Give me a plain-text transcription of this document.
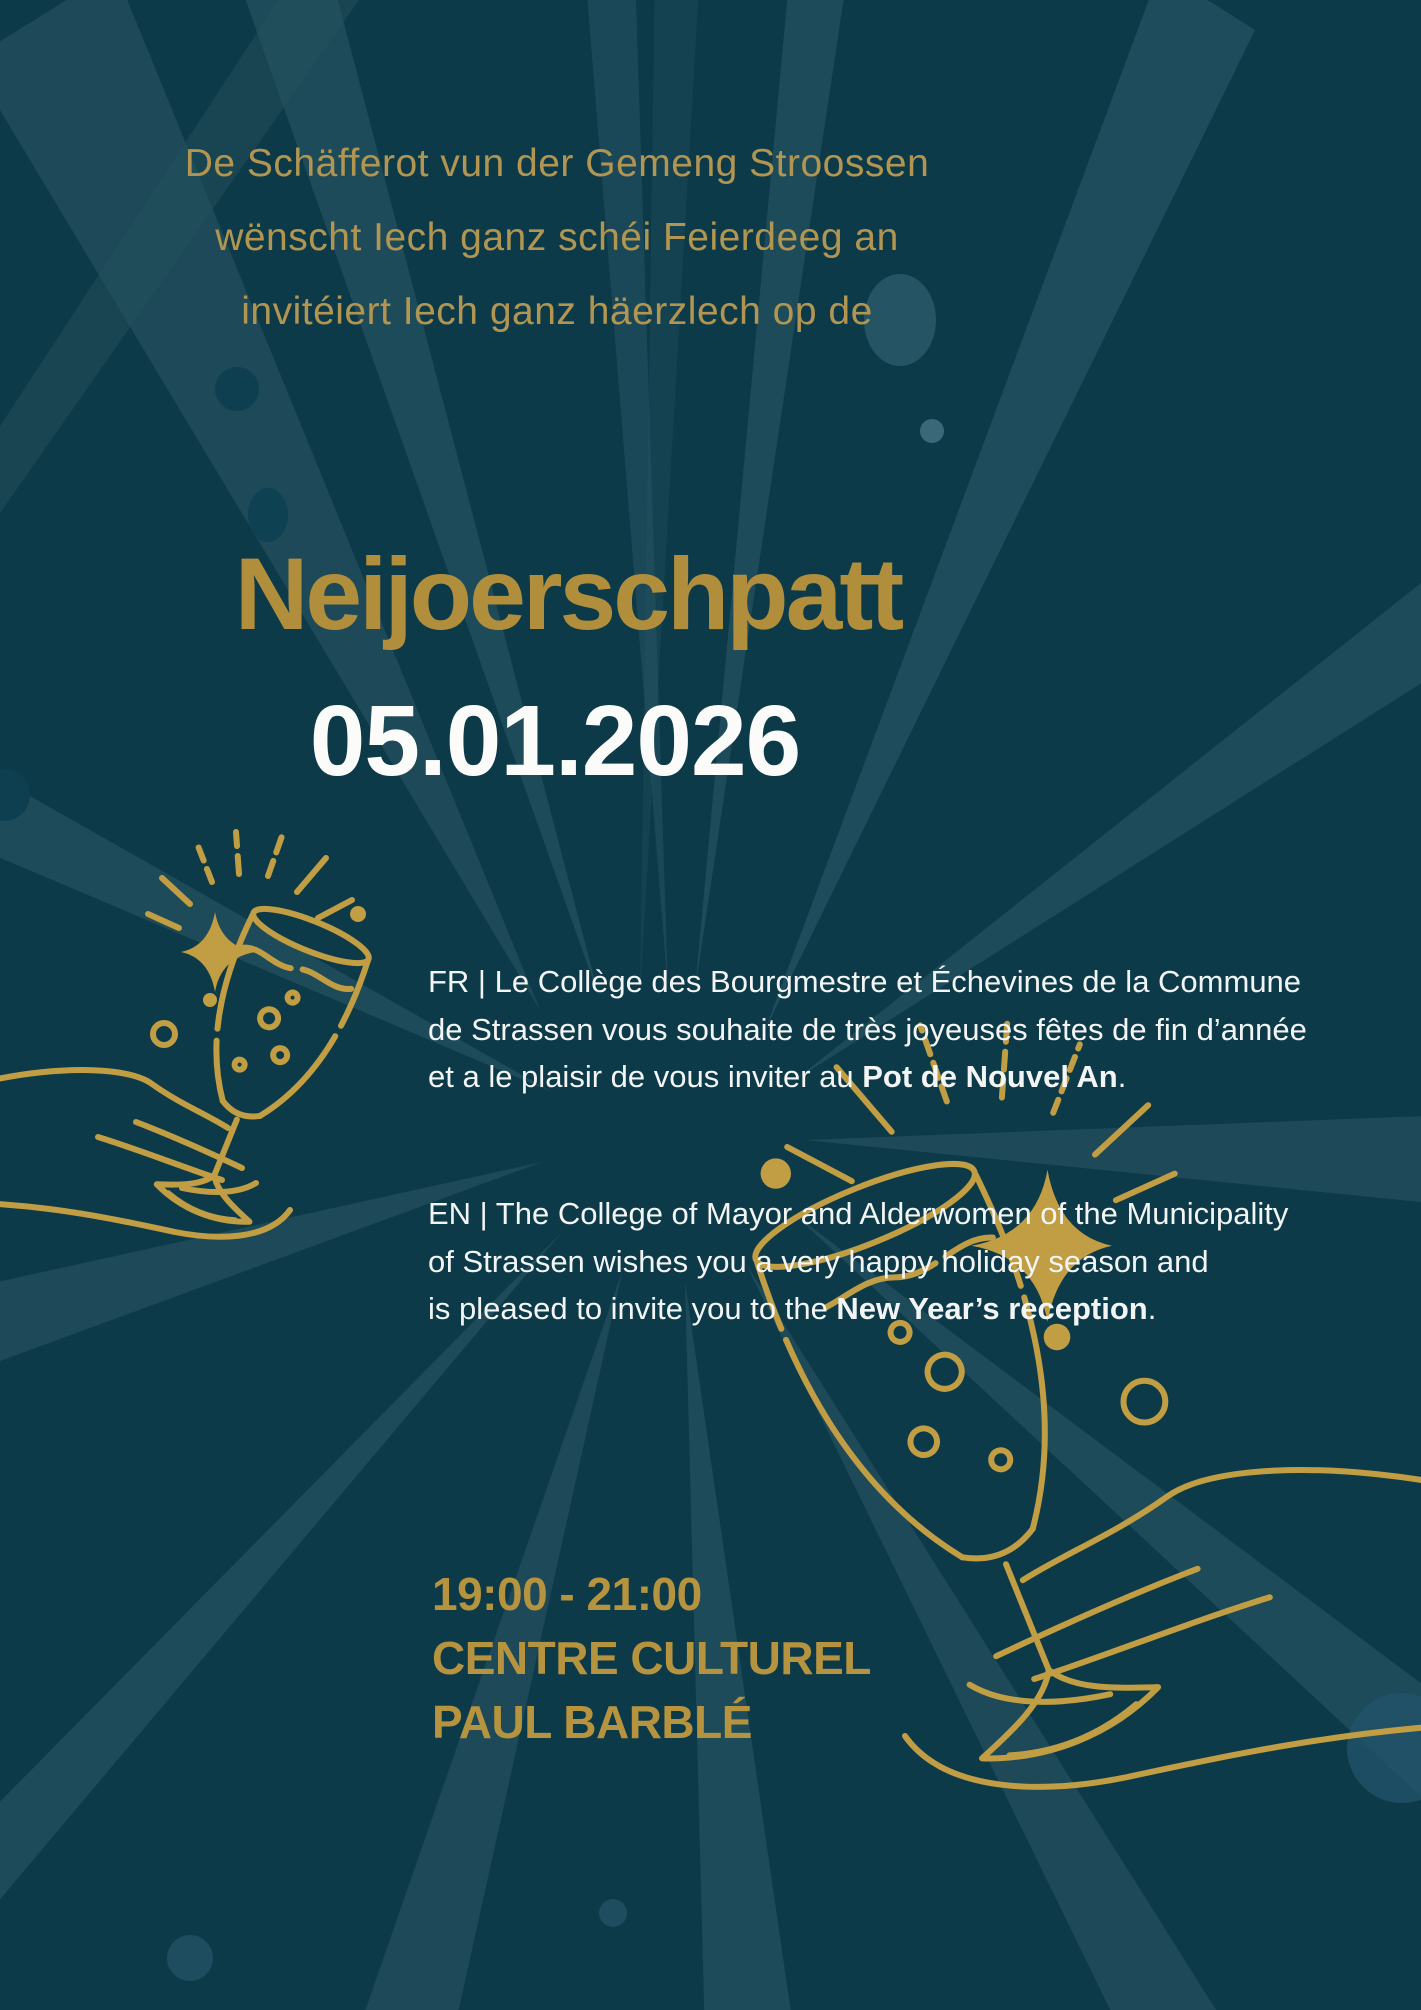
De Schäfferot vun der Gemeng Stroossen
wënscht Iech ganz schéi Feierdeeg an
invitéiert Iech ganz häerzlech op de
Neijoerschpatt
05.01.2026

FR | Le Collège des Bourgmestre et Échevines de la Commune
de Strassen vous souhaite de très joyeuses fêtes de fin d’année
et a le plaisir de vous inviter au Pot de Nouvel An.

EN | The College of Mayor and Alderwomen of the Municipality
of Strassen wishes you a very happy holiday season and
is pleased to invite you to the New Year’s reception.

19:00 - 21:00
CENTRE CULTUREL
PAUL BARBLÉ
